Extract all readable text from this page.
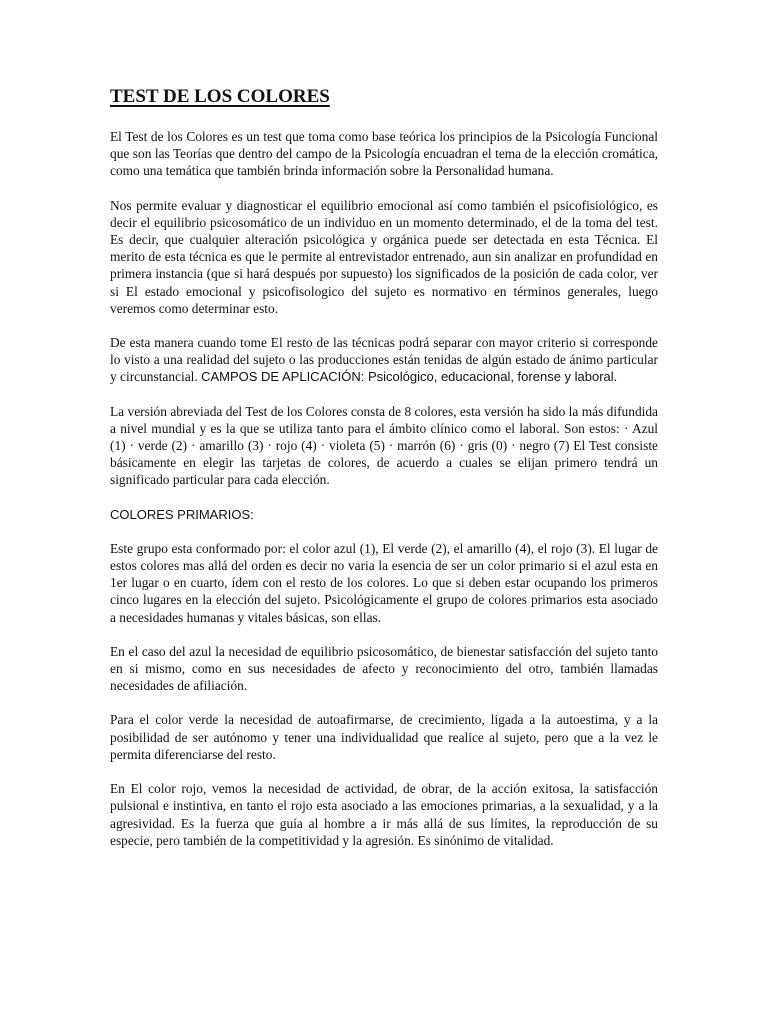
TEST DE LOS COLORES

El Test de los Colores es un test que toma como base teórica los principios de la Psicología Funcional que son las Teorías que dentro del campo de la Psicología encuadran el tema de la elección cromática, como una temática que también brinda información sobre la Personalidad humana.

Nos permite evaluar y diagnosticar el equilibrio emocional así como también el psicofisiológico, es decir el equilibrio psicosomático de un individuo en un momento determinado, el de la toma del test. Es decir, que cualquier alteración psicológica y orgánica puede ser detectada en esta Técnica. El merito de esta técnica es que le permite al entrevistador entrenado, aun sin analizar en profundidad en primera instancia (que si hará después por supuesto) los significados de la posición de cada color, ver si El estado emocional y psicofisologico del sujeto es normativo en términos generales, luego veremos como determinar esto.

De esta manera cuando tome El resto de las técnicas podrá separar con mayor criterio si corresponde lo visto a una realidad del sujeto o las producciones están tenidas de algún estado de ánimo particular y circunstancial. CAMPOS DE APLICACIÓN: Psicológico, educacional, forense y laboral.

La versión abreviada del Test de los Colores consta de 8 colores, esta versión ha sido la más difundida a nivel mundial y es la que se utiliza tanto para el ámbito clínico como el laboral. Son estos: · Azul (1) · verde (2) · amarillo (3) · rojo (4) · violeta (5) · marrón (6) · gris (0) · negro (7) El Test consiste básicamente en elegir las tarjetas de colores, de acuerdo a cuales se elijan primero tendrá un significado particular para cada elección.

COLORES PRIMARIOS:

Este grupo esta conformado por: el color azul (1), El verde (2), el amarillo (4), el rojo (3). El lugar de estos colores mas allá del orden es decir no varia la esencia de ser un color primario si el azul esta en 1er lugar o en cuarto, ídem con el resto de los colores. Lo que si deben estar ocupando los primeros cinco lugares en la elección del sujeto. Psicológicamente el grupo de colores primarios esta asociado a necesidades humanas y vitales básicas, son ellas.

En el caso del azul la necesidad de equilibrio psicosomático, de bienestar satisfacción del sujeto tanto en si mismo, como en sus necesidades de afecto y reconocimiento del otro, también llamadas necesidades de afiliación.

Para el color verde la necesidad de autoafirmarse, de crecimiento, ligada a la autoestima, y a la posibilidad de ser autónomo y tener una individualidad que realice al sujeto, pero que a la vez le permita diferenciarse del resto.

En El color rojo, vemos la necesidad de actividad, de obrar, de la acción exitosa, la satisfacción pulsional e instintiva, en tanto el rojo esta asociado a las emociones primarias, a la sexualidad, y a la agresividad. Es la fuerza que guía al hombre a ir más allá de sus límites, la reproducción de su especie, pero también de la competitividad y la agresión. Es sinónimo de vitalidad.
